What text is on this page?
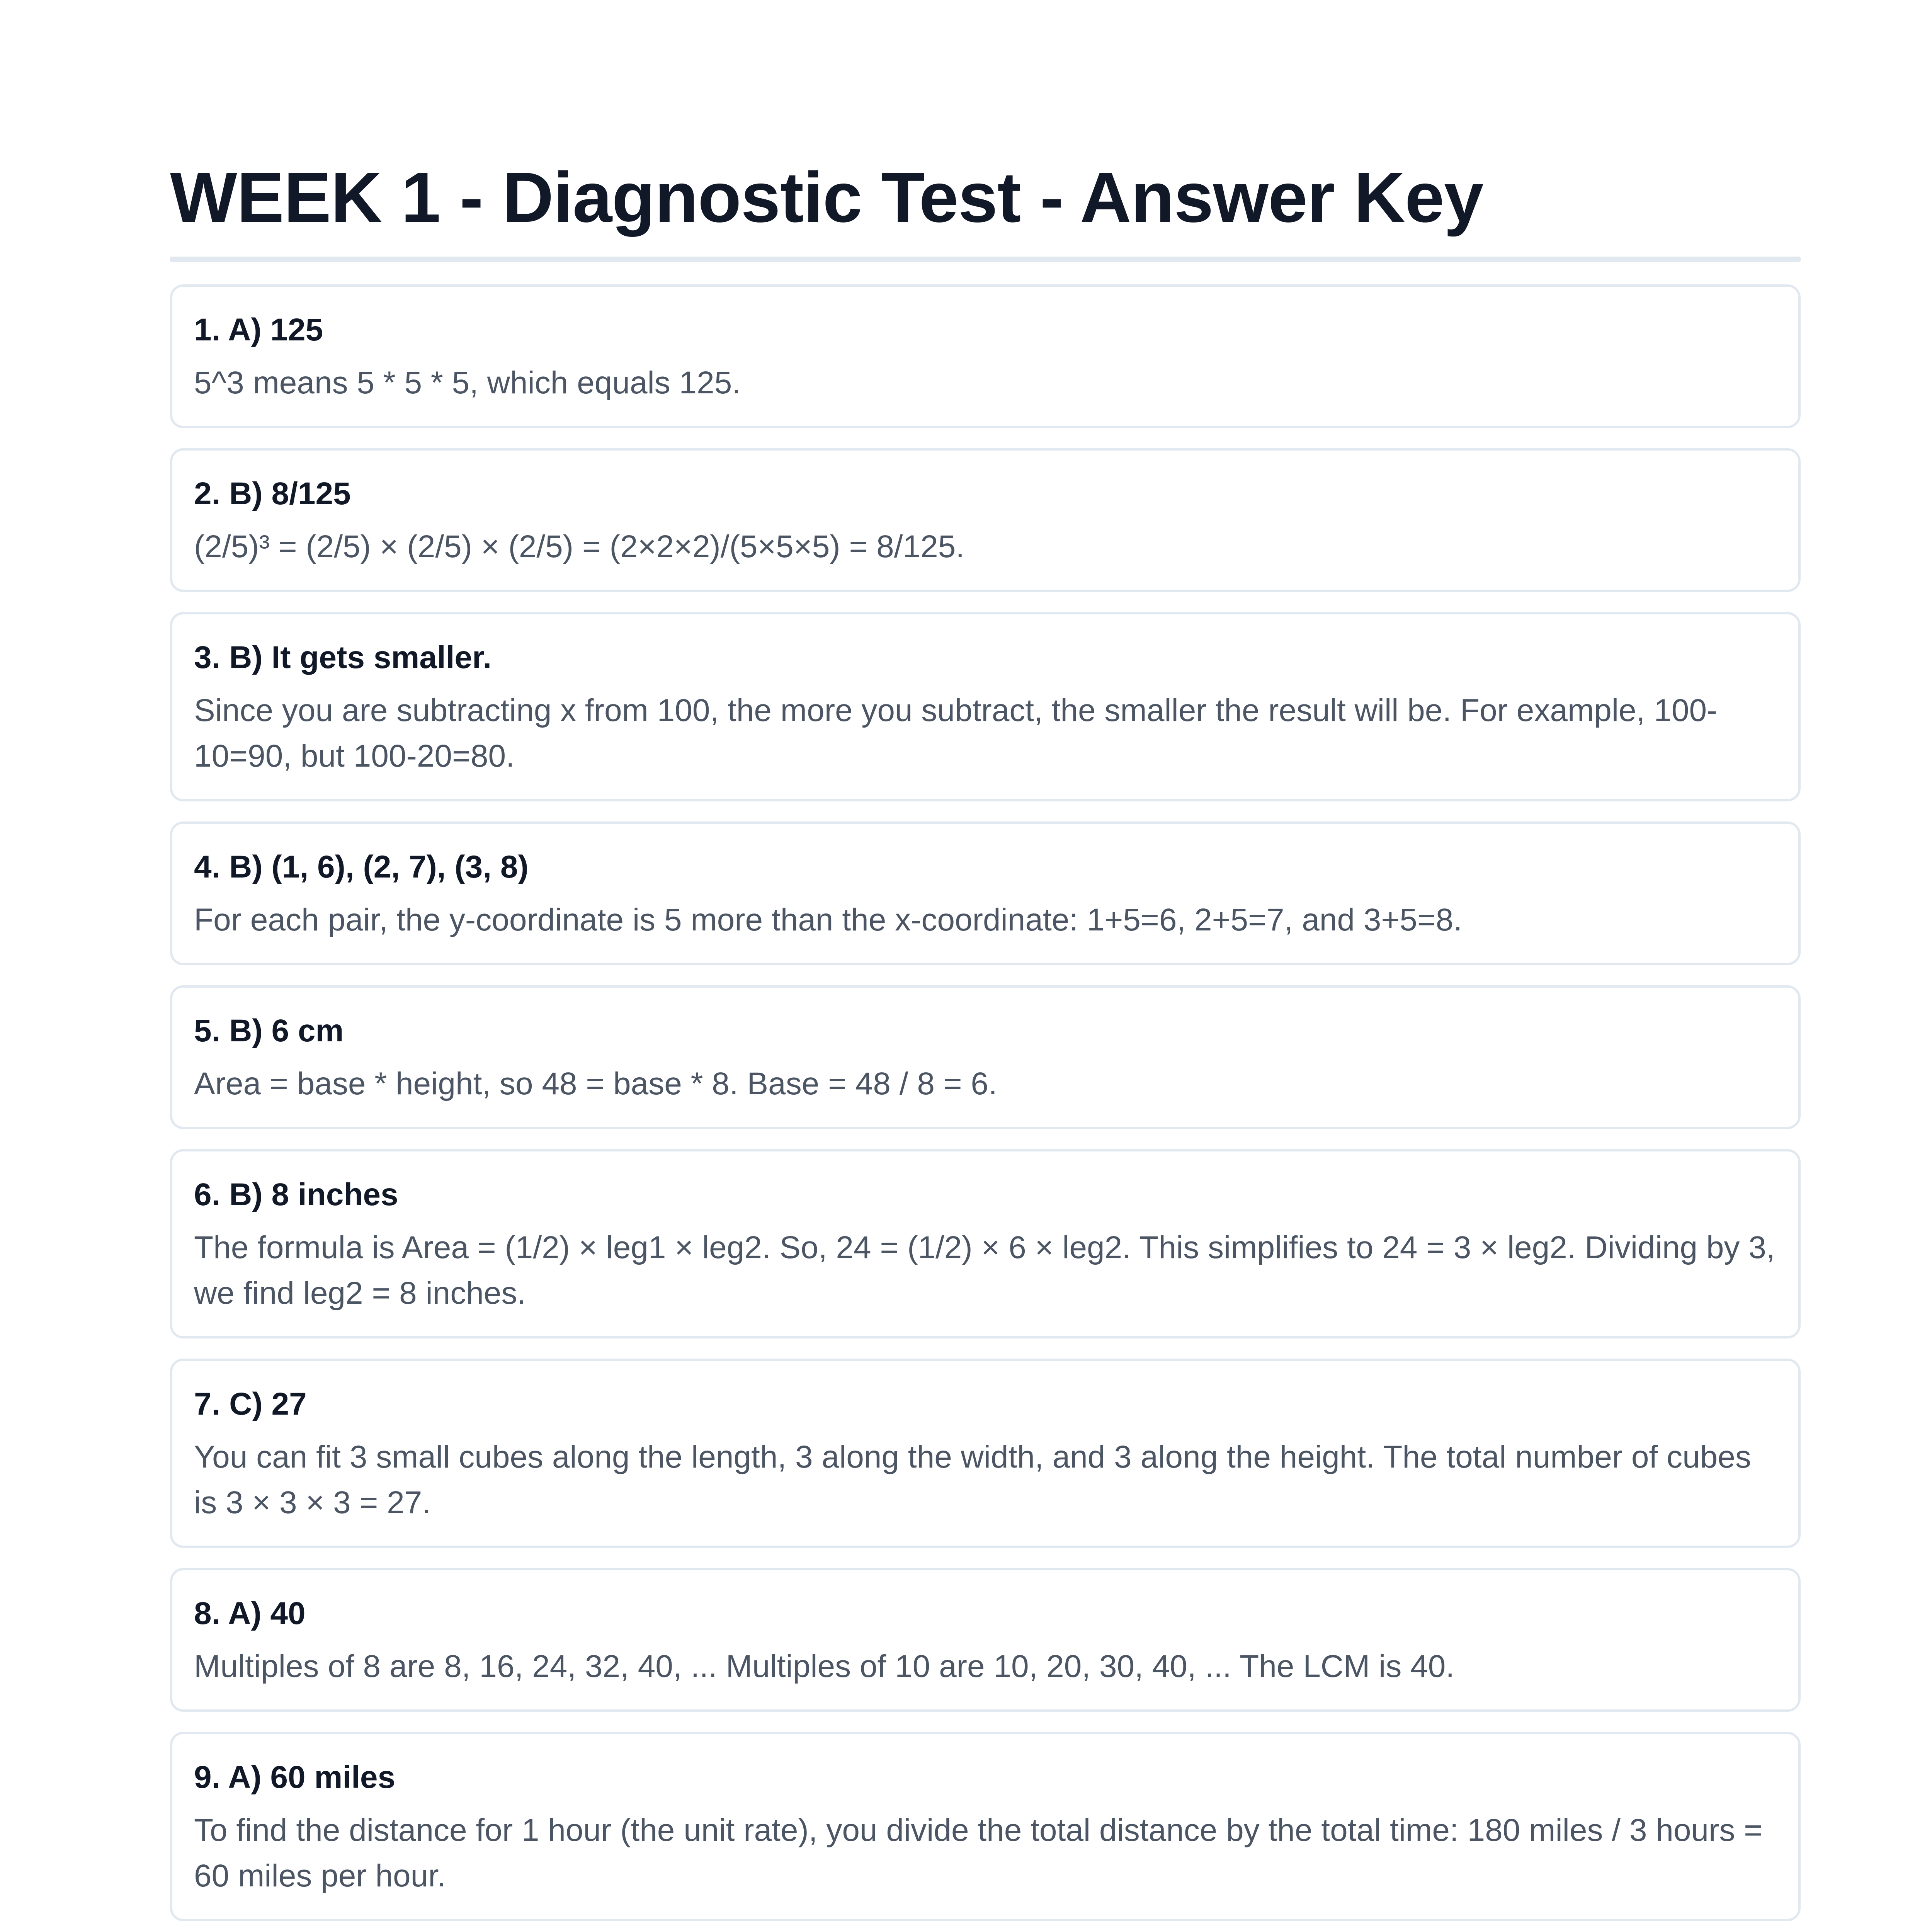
WEEK 1 - Diagnostic Test - Answer Key
1. A) 125

5^3 means 5 * 5 * 5, which equals 125.

2. B) 8/125

(2/5)³ = (2/5) × (2/5) × (2/5) = (2×2×2)/(5×5×5) = 8/125.

3. B) It gets smaller.

Since you are subtracting x from 100, the more you subtract, the smaller the result will be. For example, 100-10=90, but 100-20=80.

4. B) (1, 6), (2, 7), (3, 8)

For each pair, the y-coordinate is 5 more than the x-coordinate: 1+5=6, 2+5=7, and 3+5=8.

5. B) 6 cm

Area = base * height, so 48 = base * 8. Base = 48 / 8 = 6.

6. B) 8 inches

The formula is Area = (1/2) × leg1 × leg2. So, 24 = (1/2) × 6 × leg2. This simplifies to 24 = 3 × leg2. Dividing by 3, we find leg2 = 8 inches.

7. C) 27

You can fit 3 small cubes along the length, 3 along the width, and 3 along the height. The total number of cubes is 3 × 3 × 3 = 27.

8. A) 40

Multiples of 8 are 8, 16, 24, 32, 40, ... Multiples of 10 are 10, 20, 30, 40, ... The LCM is 40.

9. A) 60 miles

To find the distance for 1 hour (the unit rate), you divide the total distance by the total time: 180 miles / 3 hours = 60 miles per hour.
